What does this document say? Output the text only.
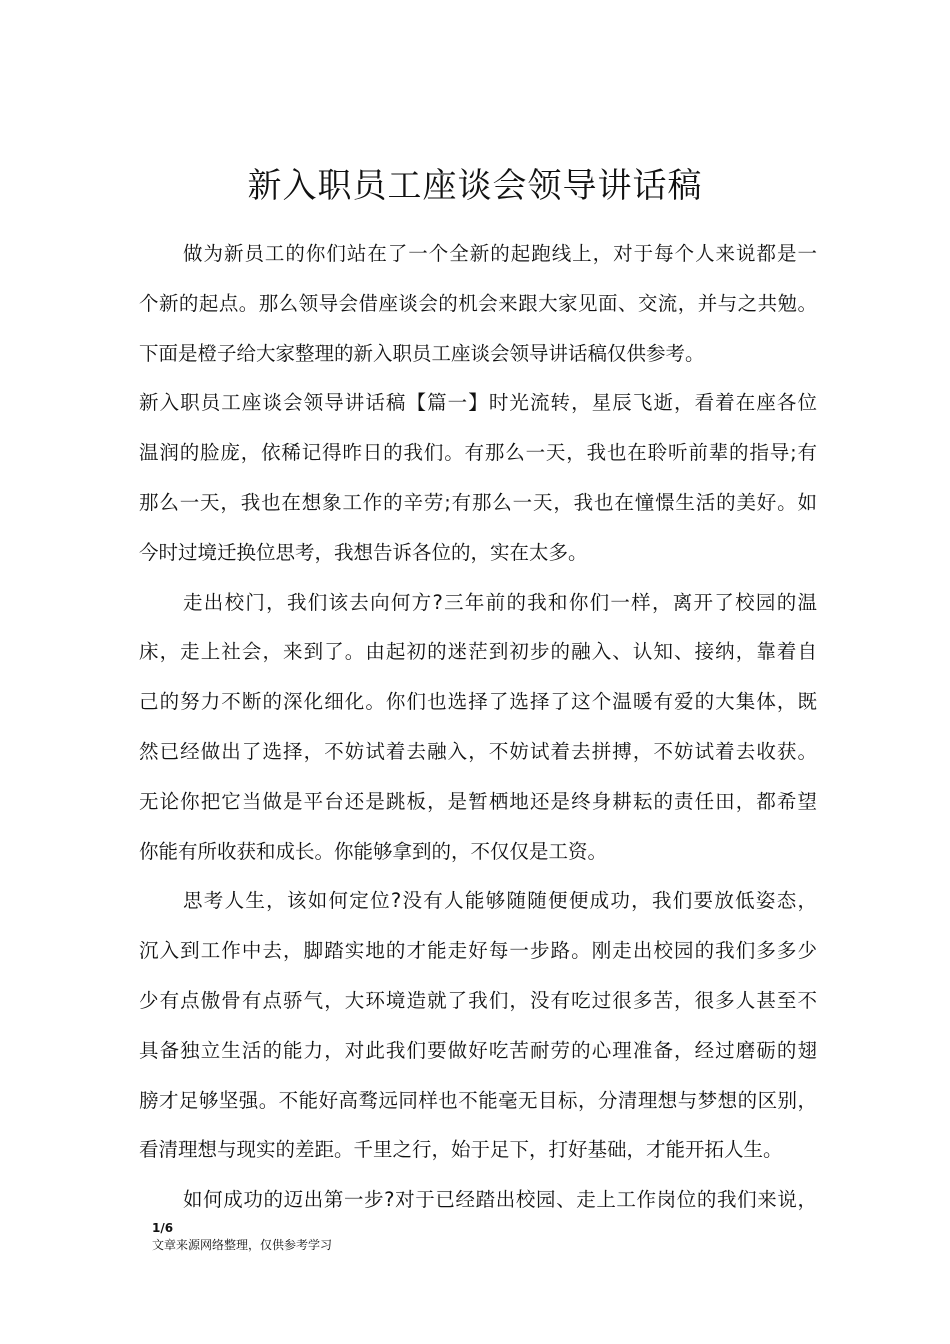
新入职员工座谈会领导讲话稿
做为新员工的你们站在了一个全新的起跑线上，对于每个人来说都是一
个新的起点。那么领导会借座谈会的机会来跟大家见面、交流，并与之共勉。
下面是橙子给大家整理的新入职员工座谈会领导讲话稿仅供参考。
新入职员工座谈会领导讲话稿【篇一】时光流转，星辰飞逝，看着在座各位
温润的脸庞，依稀记得昨日的我们。有那么一天，我也在聆听前辈的指导;有
那么一天，我也在想象工作的辛劳;有那么一天，我也在憧憬生活的美好。如
今时过境迁换位思考，我想告诉各位的，实在太多。
走出校门，我们该去向何方?三年前的我和你们一样，离开了校园的温
床，走上社会，来到了。由起初的迷茫到初步的融入、认知、接纳，靠着自
己的努力不断的深化细化。你们也选择了选择了这个温暖有爱的大集体，既
然已经做出了选择，不妨试着去融入，不妨试着去拼搏，不妨试着去收获。
无论你把它当做是平台还是跳板，是暂栖地还是终身耕耘的责任田，都希望
你能有所收获和成长。你能够拿到的，不仅仅是工资。
思考人生，该如何定位?没有人能够随随便便成功，我们要放低姿态，
沉入到工作中去，脚踏实地的才能走好每一步路。刚走出校园的我们多多少
少有点傲骨有点骄气，大环境造就了我们，没有吃过很多苦，很多人甚至不
具备独立生活的能力，对此我们要做好吃苦耐劳的心理准备，经过磨砺的翅
膀才足够坚强。不能好高骛远同样也不能毫无目标，分清理想与梦想的区别，
看清理想与现实的差距。千里之行，始于足下，打好基础，才能开拓人生。
如何成功的迈出第一步?对于已经踏出校园、走上工作岗位的我们来说，
1/6
文章来源网络整理，仅供参考学习
